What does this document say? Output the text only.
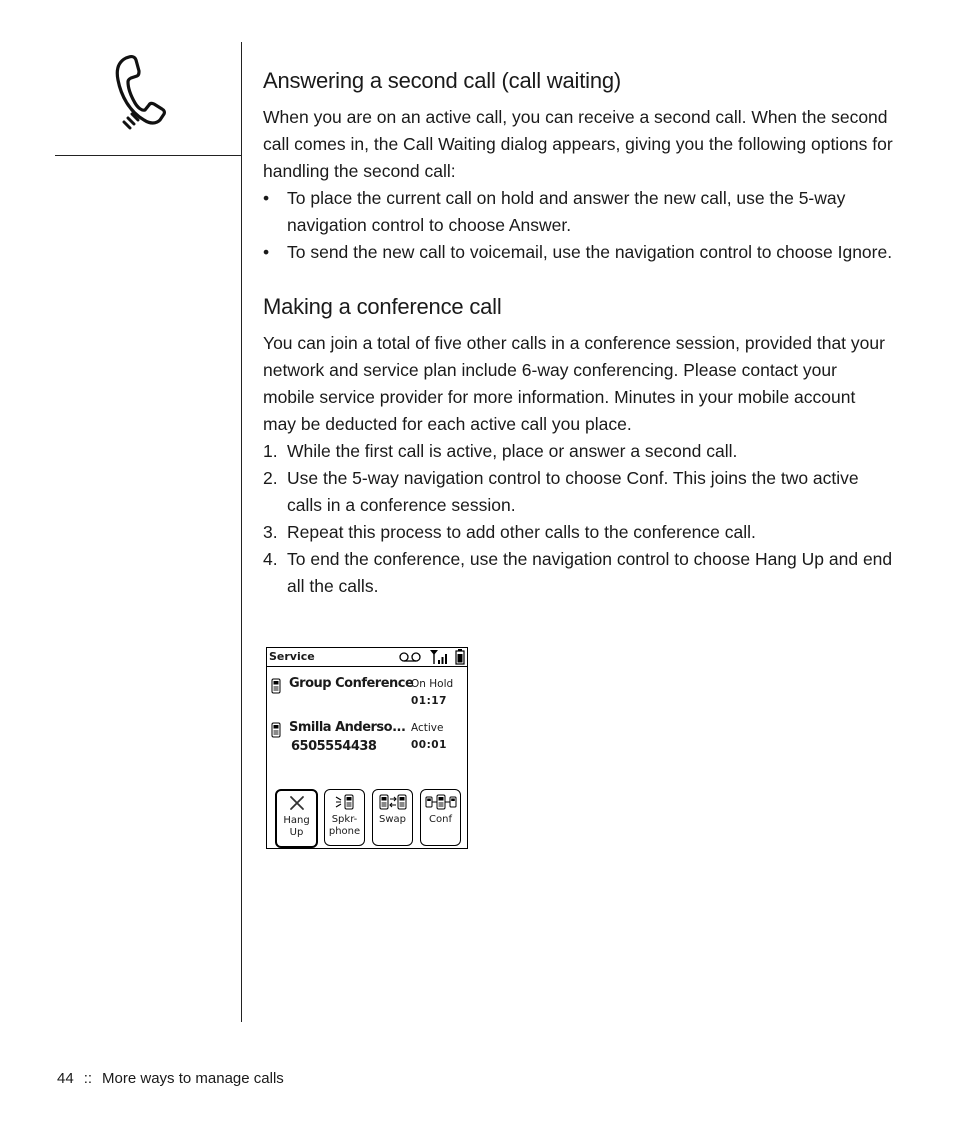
Answering a second call (call waiting)

When you are on an active call, you can receive a second call. When the second call comes in, the Call Waiting dialog appears, giving you the following options for handling the second call:

• To place the current call on hold and answer the new call, use the 5-way navigation control to choose Answer.
• To send the new call to voicemail, use the navigation control to choose Ignore.
Making a conference call

You can join a total of five other calls in a conference session, provided that your network and service plan include 6-way conferencing. Please contact your mobile service provider for more information. Minutes in your mobile account may be deducted for each active call you place.

1. While the first call is active, place or answer a second call.
2. Use the 5-way navigation control to choose Conf. This joins the two active calls in a conference session.
3. Repeat this process to add other calls to the conference call.
4. To end the conference, use the navigation control to choose Hang Up and end all the calls.
Service
Group Conference
On Hold
01:17
Smilla Anderso...
6505554438
Active
00:01
Hang
Up
Spkr-
phone
Swap	Conf
44 :: More ways to manage calls
